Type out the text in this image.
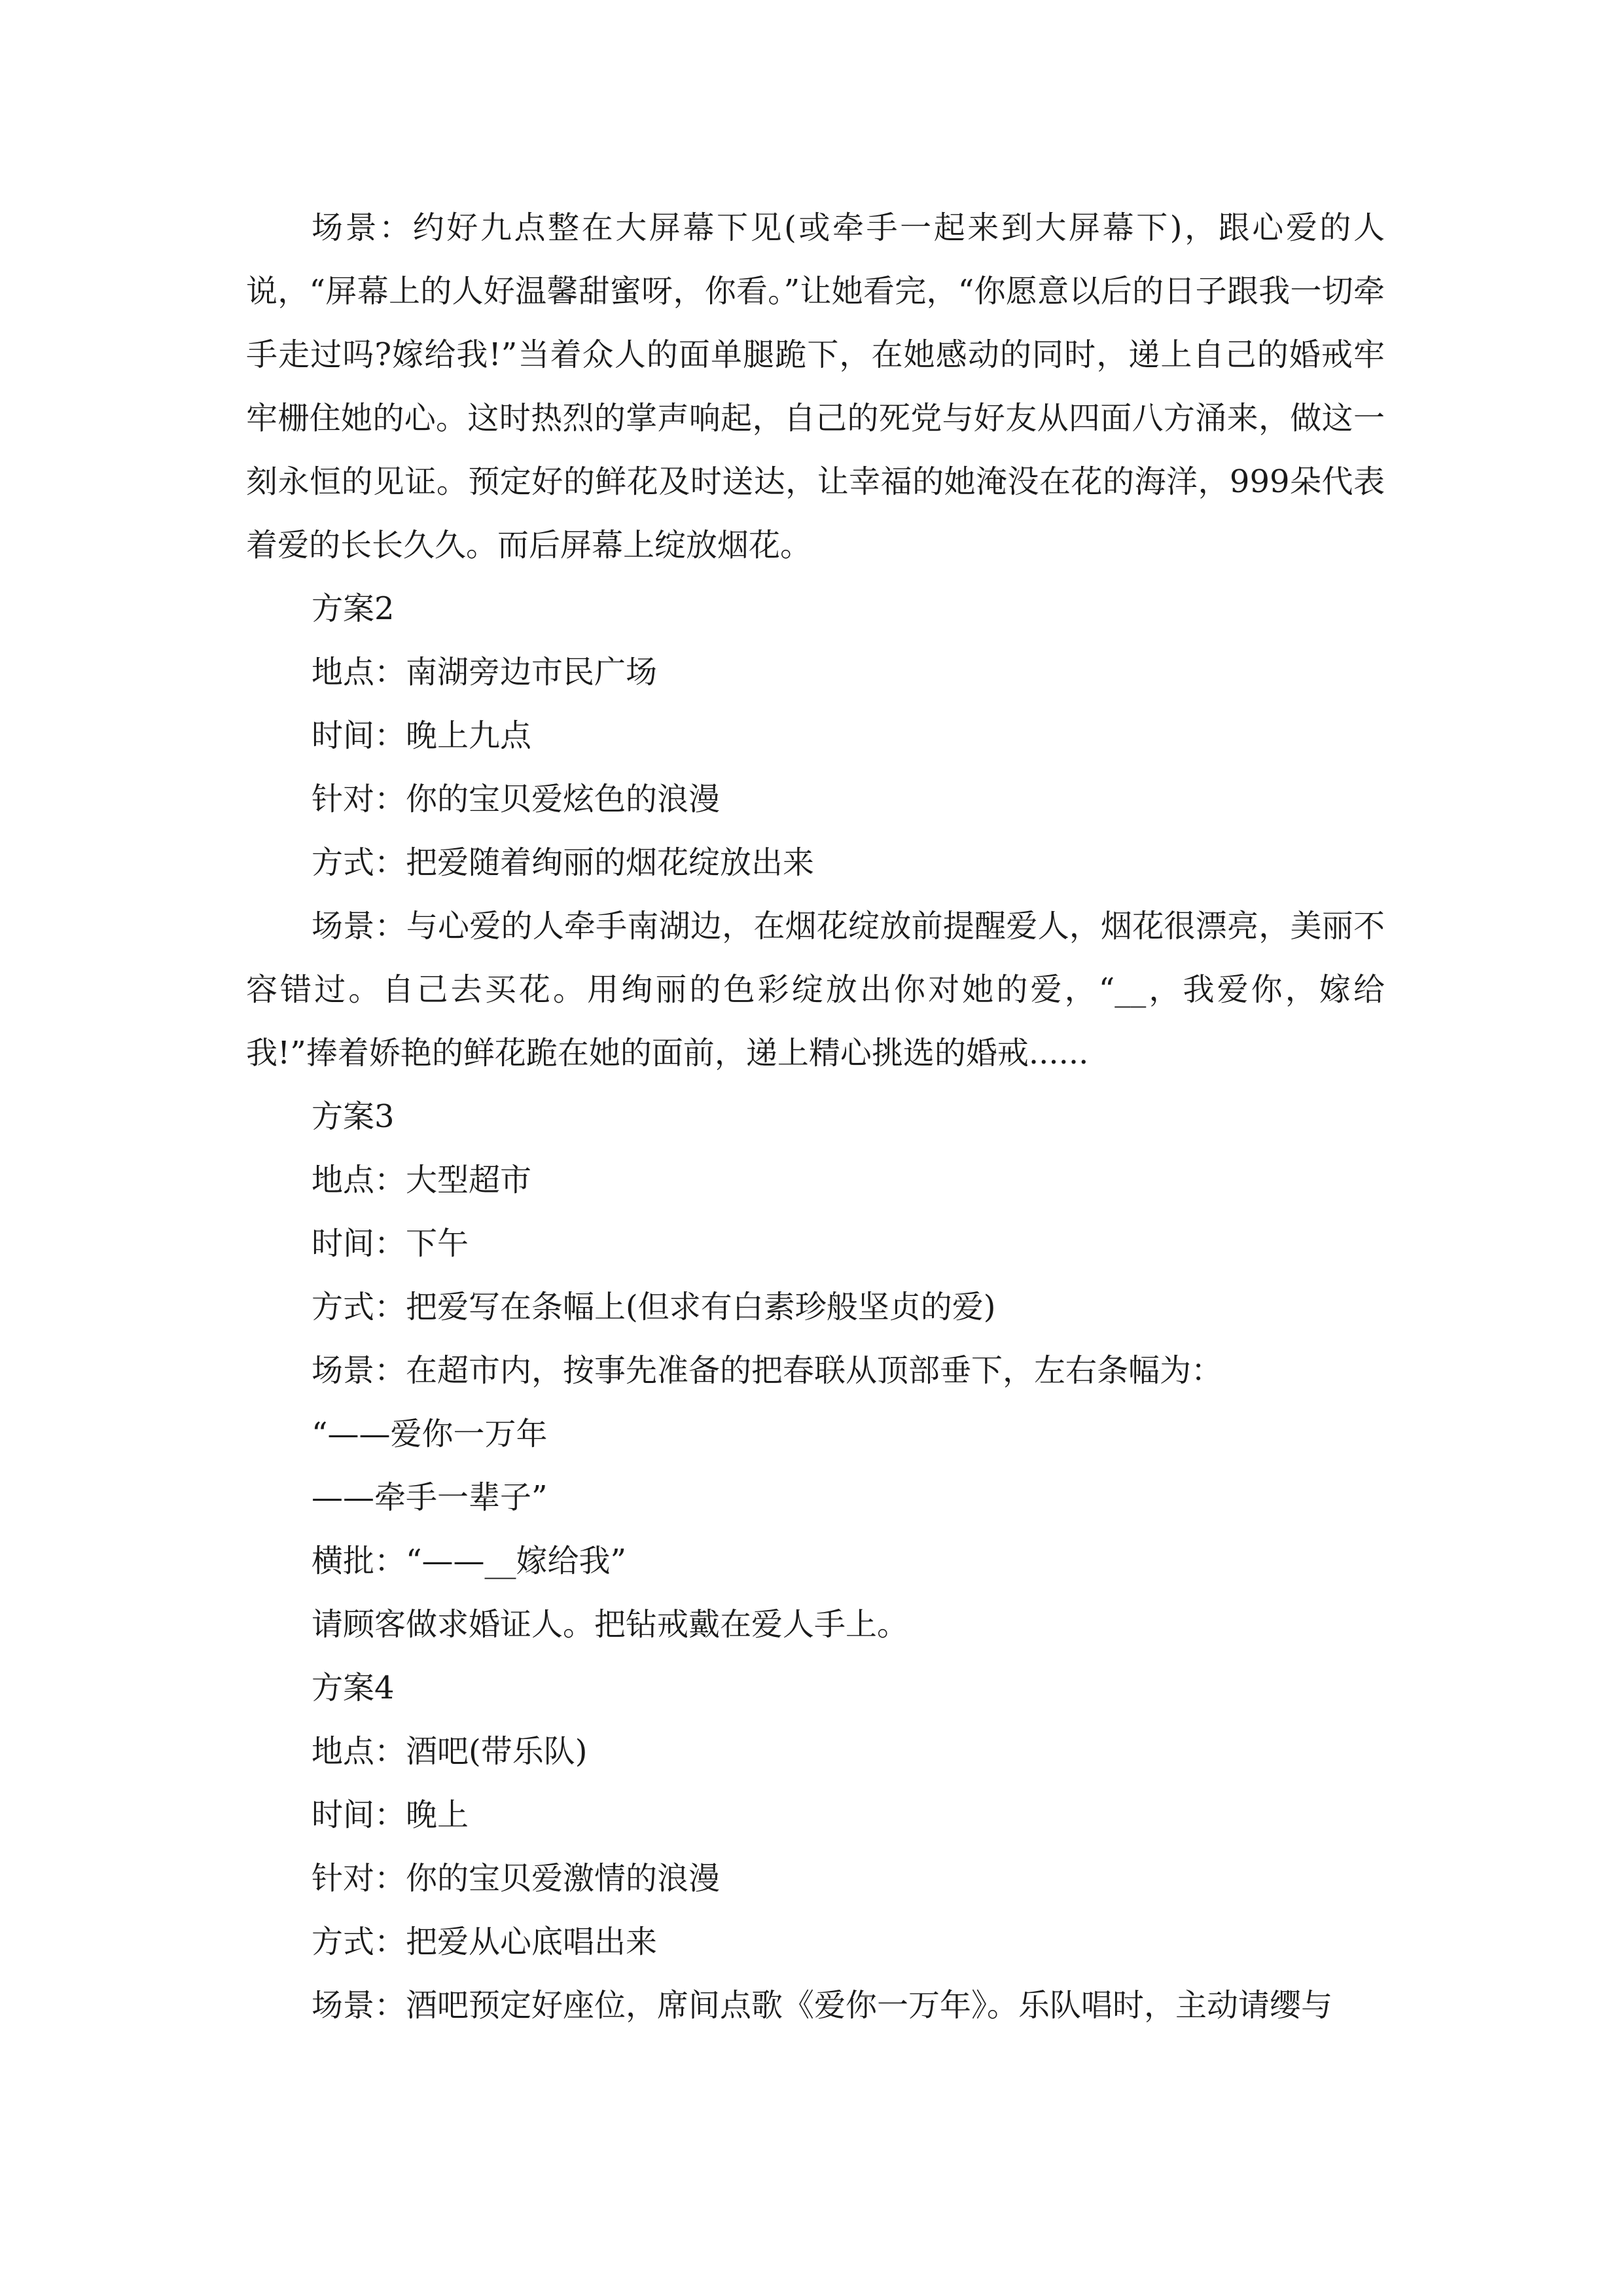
场景：约好九点整在大屏幕下见(或牵手一起来到大屏幕下)，跟心爱的人说，“屏幕上的人好温馨甜蜜呀，你看。”让她看完，“你愿意以后的日子跟我一切牵手走过吗?嫁给我!”当着众人的面单腿跪下，在她感动的同时，递上自己的婚戒牢牢栅住她的心。这时热烈的掌声响起，自己的死党与好友从四面八方涌来，做这一刻永恒的见证。预定好的鲜花及时送达，让幸福的她淹没在花的海洋，999朵代表着爱的长长久久。而后屏幕上绽放烟花。

方案2

地点：南湖旁边市民广场

时间：晚上九点

针对：你的宝贝爱炫色的浪漫

方式：把爱随着绚丽的烟花绽放出来

场景：与心爱的人牵手南湖边，在烟花绽放前提醒爱人，烟花很漂亮，美丽不容错过。自己去买花。用绚丽的色彩绽放出你对她的爱，“__，我爱你，嫁给我!”捧着娇艳的鲜花跪在她的面前，递上精心挑选的婚戒......

方案3

地点：大型超市

时间：下午

方式：把爱写在条幅上(但求有白素珍般坚贞的爱)

场景：在超市内，按事先准备的把春联从顶部垂下，左右条幅为：

“——爱你一万年

——牵手一辈子”

横批：“——__嫁给我”

请顾客做求婚证人。把钻戒戴在爱人手上。

方案4

地点：酒吧(带乐队)

时间：晚上

针对：你的宝贝爱激情的浪漫

方式：把爱从心底唱出来

场景：酒吧预定好座位，席间点歌《爱你一万年》。乐队唱时，主动请缨与
